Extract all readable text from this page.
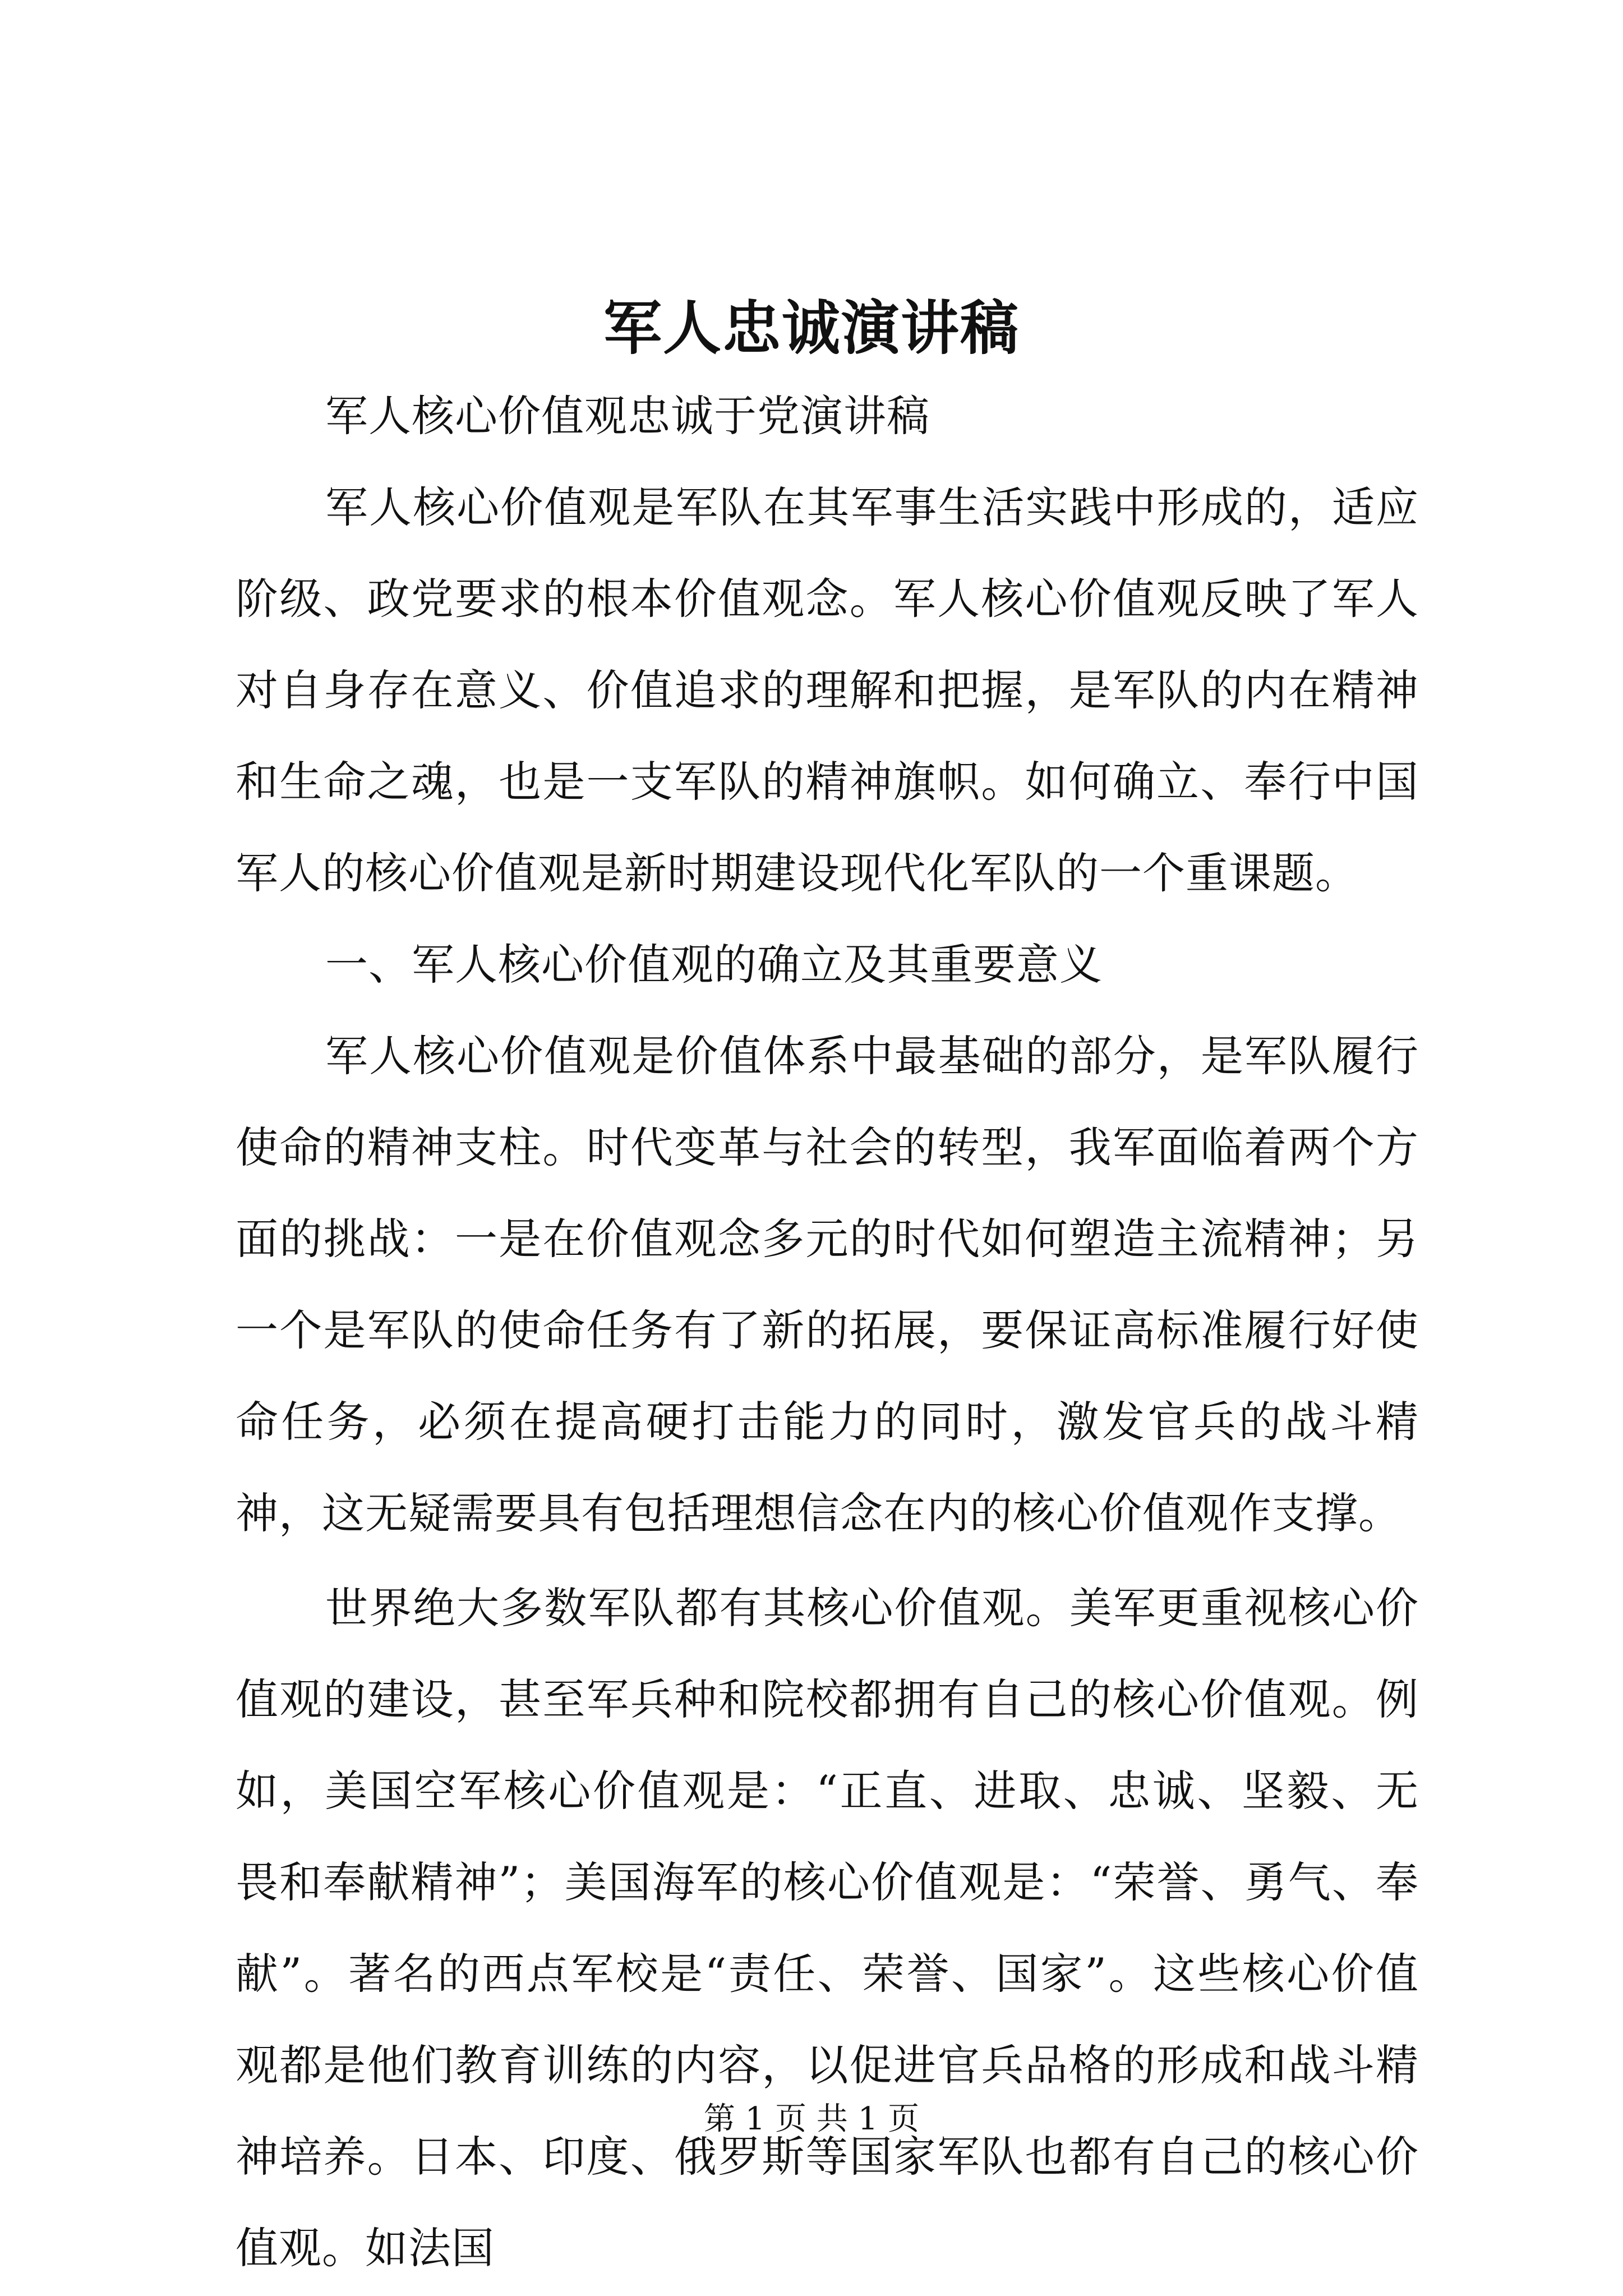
军人忠诚演讲稿

军人核心价值观忠诚于党演讲稿

军人核心价值观是军队在其军事生活实践中形成的，适应阶级、政党要求的根本价值观念。军人核心价值观反映了军人对自身存在意义、价值追求的理解和把握，是军队的内在精神和生命之魂，也是一支军队的精神旗帜。如何确立、奉行中国军人的核心价值观是新时期建设现代化军队的一个重课题。

一、军人核心价值观的确立及其重要意义

军人核心价值观是价值体系中最基础的部分，是军队履行使命的精神支柱。时代变革与社会的转型，我军面临着两个方面的挑战：一是在价值观念多元的时代如何塑造主流精神；另一个是军队的使命任务有了新的拓展，要保证高标准履行好使命任务，必须在提高硬打击能力的同时，激发官兵的战斗精神，这无疑需要具有包括理想信念在内的核心价值观作支撑。

世界绝大多数军队都有其核心价值观。美军更重视核心价值观的建设，甚至军兵种和院校都拥有自己的核心价值观。例如，美国空军核心价值观是：“正直、进取、忠诚、坚毅、无畏和奉献精神”；美国海军的核心价值观是：“荣誉、勇气、奉献”。著名的西点军校是“责任、荣誉、国家”。这些核心价值观都是他们教育训练的内容，以促进官兵品格的形成和战斗精神培养。日本、印度、俄罗斯等国家军队也都有自己的核心价值观。如法国

第 1 页 共 1 页
